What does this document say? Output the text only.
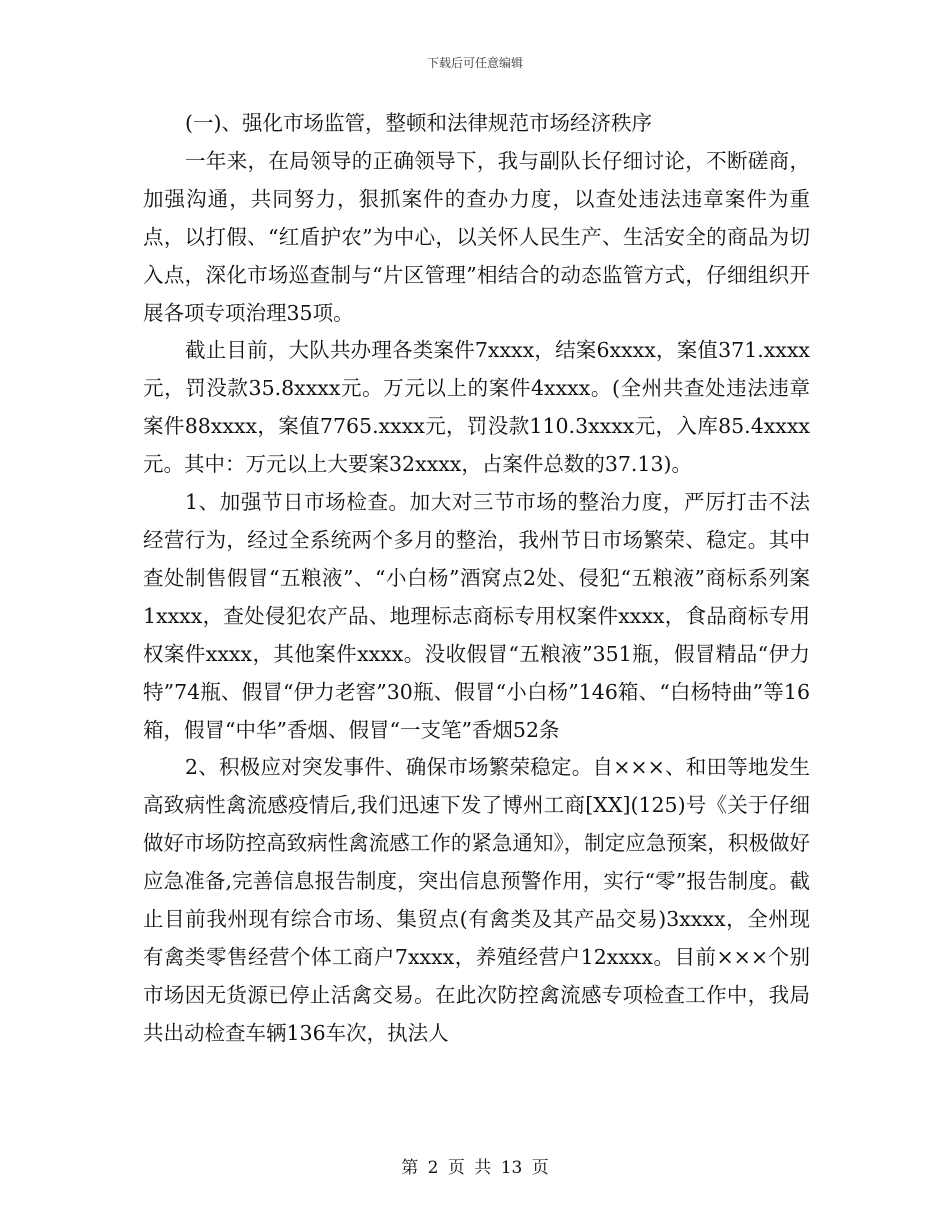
下载后可任意编辑

(一)、强化市场监管，整顿和法律规范市场经济秩序

一年来，在局领导的正确领导下，我与副队长仔细讨论，不断磋商，加强沟通，共同努力，狠抓案件的查办力度，以查处违法违章案件为重点，以打假、“红盾护农”为中心，以关怀人民生产、生活安全的商品为切入点，深化市场巡查制与“片区管理”相结合的动态监管方式，仔细组织开展各项专项治理35项。

截止目前，大队共办理各类案件7xxxx，结案6xxxx，案值371.xxxx元，罚没款35.8xxxx元。万元以上的案件4xxxx。(全州共查处违法违章案件88xxxx，案值7765.xxxx元，罚没款110.3xxxx元，入库85.4xxxx元。其中：万元以上大要案32xxxx，占案件总数的37.13)。

1、加强节日市场检查。加大对三节市场的整治力度，严厉打击不法经营行为，经过全系统两个多月的整治，我州节日市场繁荣、稳定。其中查处制售假冒“五粮液”、“小白杨”酒窝点2处、侵犯“五粮液”商标系列案1xxxx，查处侵犯农产品、地理标志商标专用权案件xxxx，食品商标专用权案件xxxx，其他案件xxxx。没收假冒“五粮液”351瓶，假冒精品“伊力特”74瓶、假冒“伊力老窖”30瓶、假冒“小白杨”146箱、“白杨特曲”等16箱，假冒“中华”香烟、假冒“一支笔”香烟52条

2、积极应对突发事件、确保市场繁荣稳定。自×××、和田等地发生高致病性禽流感疫情后,我们迅速下发了博州工商[XX](125)号《关于仔细做好市场防控高致病性禽流感工作的紧急通知》，制定应急预案，积极做好应急准备,完善信息报告制度，突出信息预警作用，实行“零”报告制度。截止目前我州现有综合市场、集贸点(有禽类及其产品交易)3xxxx，全州现有禽类零售经营个体工商户7xxxx，养殖经营户12xxxx。目前×××个别市场因无货源已停止活禽交易。在此次防控禽流感专项检查工作中，我局共出动检查车辆136车次，执法人

第 2 页 共 13 页
